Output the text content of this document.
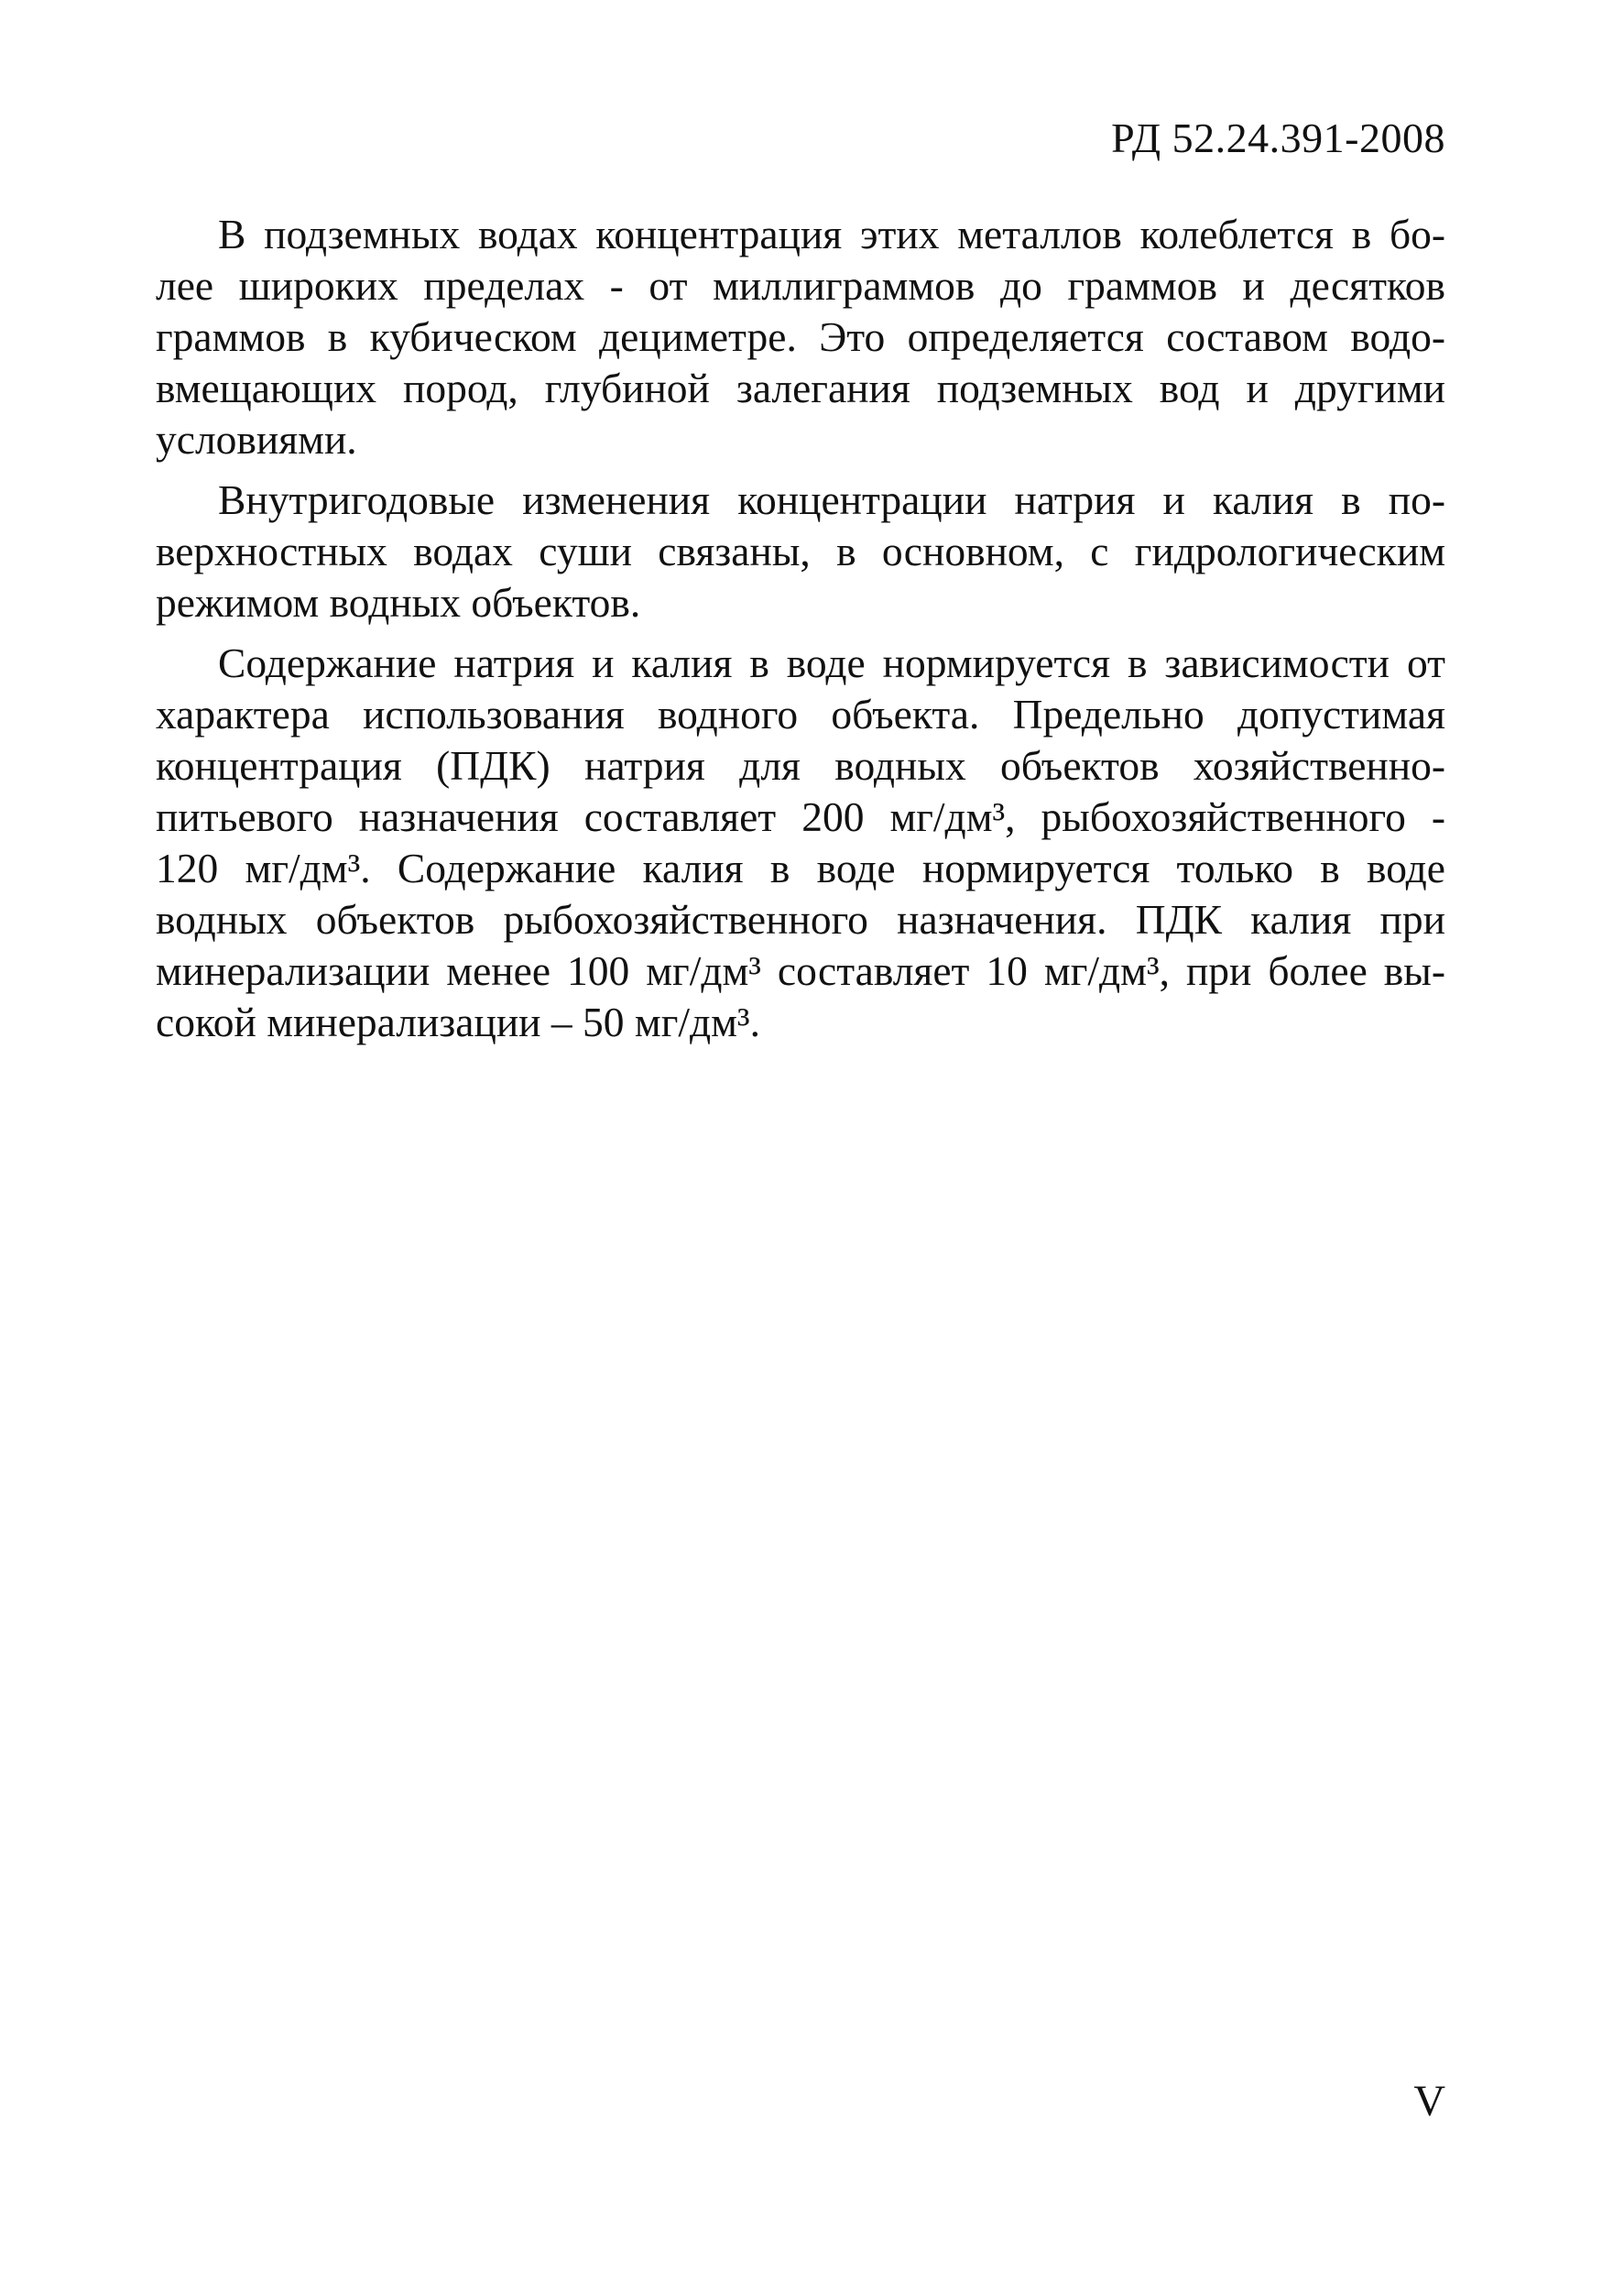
РД 52.24.391-2008
В подземных водах концентрация этих металлов колеблется в бо-
лее широких пределах - от миллиграммов до граммов и десятков
граммов в кубическом дециметре. Это определяется составом водо-
вмещающих пород, глубиной залегания подземных вод и другими
условиями.
Внутригодовые изменения концентрации натрия и калия в по-
верхностных водах суши связаны, в основном, с гидрологическим
режимом водных объектов.
Содержание натрия и калия в воде нормируется в зависимости от
характера использования водного объекта. Предельно допустимая
концентрация (ПДК) натрия для водных объектов хозяйственно-
питьевого назначения составляет 200 мг/дм³, рыбохозяйственного -
120 мг/дм³. Содержание калия в воде нормируется только в воде
водных объектов рыбохозяйственного назначения. ПДК калия при
минерализации менее 100 мг/дм³ составляет 10 мг/дм³, при более вы-
сокой минерализации – 50 мг/дм³.
V
